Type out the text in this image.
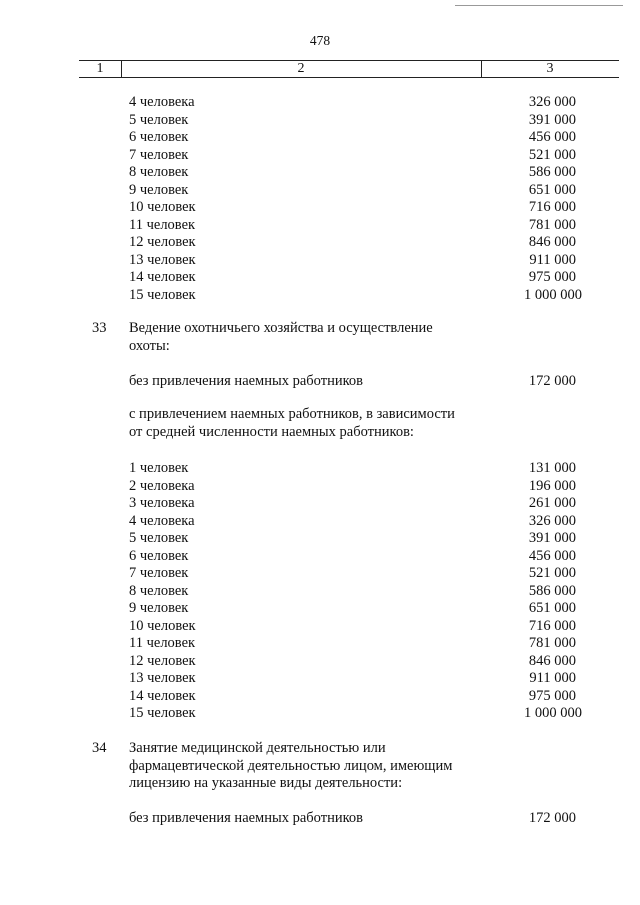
478
1	2	3
4 человека	326 000
5 человек	391 000
6 человек	456 000
7 человек	521 000
8 человек	586 000
9 человек	651 000
10 человек	716 000
11 человек	781 000
12 человек	846 000
13 человек	911 000
14 человек	975 000
15 человек	1 000 000
33 Ведение охотничьего хозяйства и осуществление
охоты:
без привлечения наемных работников	172 000
с привлечением наемных работников, в зависимости
от средней численности наемных работников:
1 человек	131 000
2 человека	196 000
3 человека	261 000
4 человека	326 000
5 человек	391 000
6 человек	456 000
7 человек	521 000
8 человек	586 000
9 человек	651 000
10 человек	716 000
11 человек	781 000
12 человек	846 000
13 человек	911 000
14 человек	975 000
15 человек	1 000 000
34 Занятие медицинской деятельностью или
фармацевтической деятельностью лицом, имеющим
лицензию на указанные виды деятельности:
без привлечения наемных работников	172 000
